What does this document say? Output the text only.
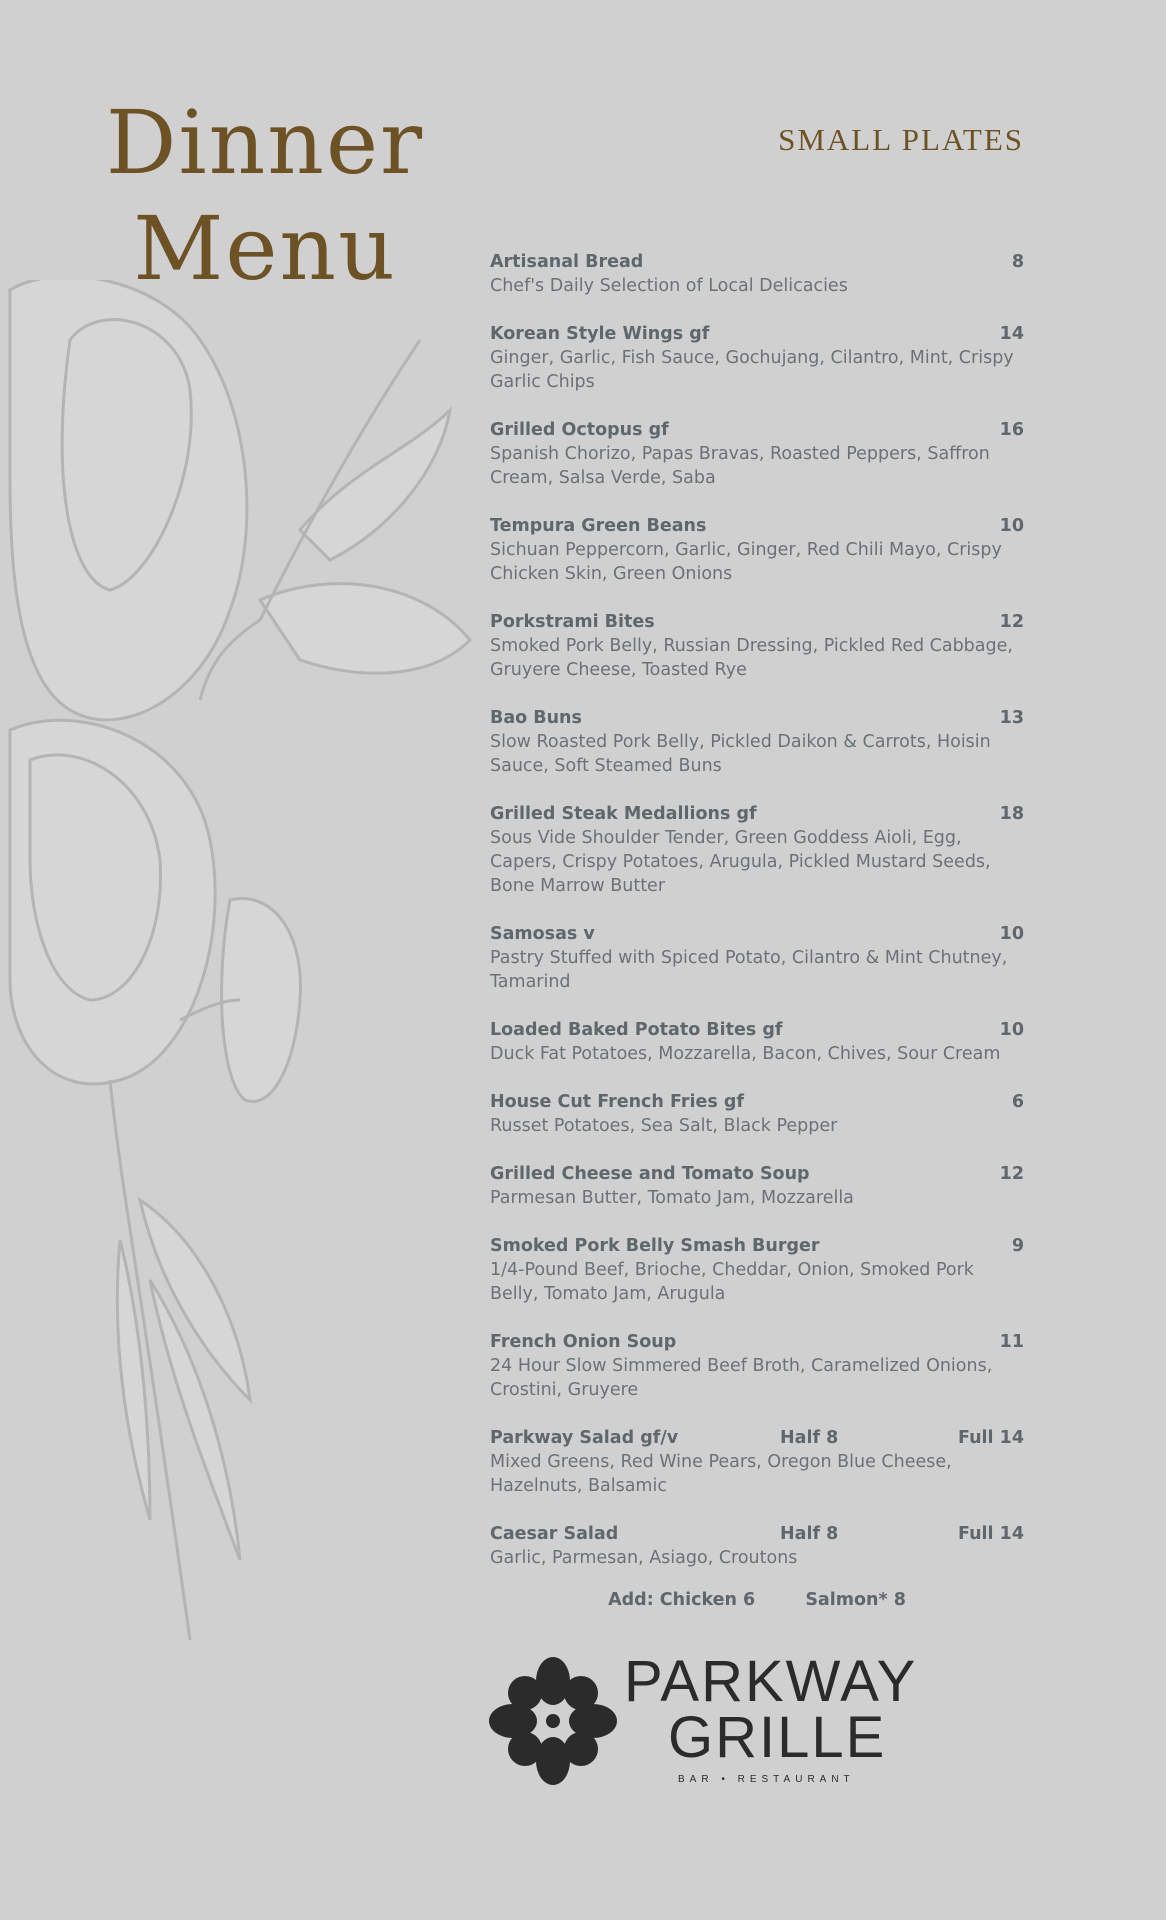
Dinner
Menu
SMALL PLATES
Artisanal Bread	8
Chef's Daily Selection of Local Delicacies
Korean Style Wings gf	14
Ginger, Garlic, Fish Sauce, Gochujang, Cilantro, Mint, Crispy Garlic Chips
Grilled Octopus gf	16
Spanish Chorizo, Papas Bravas, Roasted Peppers, Saffron Cream, Salsa Verde, Saba
Tempura Green Beans	10
Sichuan Peppercorn, Garlic, Ginger, Red Chili Mayo, Crispy Chicken Skin, Green Onions
Porkstrami Bites	12
Smoked Pork Belly, Russian Dressing, Pickled Red Cabbage, Gruyere Cheese, Toasted Rye
Bao Buns	13
Slow Roasted Pork Belly, Pickled Daikon & Carrots, Hoisin Sauce, Soft Steamed Buns
Grilled Steak Medallions gf	18
Sous Vide Shoulder Tender, Green Goddess Aioli, Egg, Capers, Crispy Potatoes, Arugula, Pickled Mustard Seeds, Bone Marrow Butter
Samosas v	10
Pastry Stuffed with Spiced Potato, Cilantro & Mint Chutney, Tamarind
Loaded Baked Potato Bites gf	10
Duck Fat Potatoes, Mozzarella, Bacon, Chives, Sour Cream
House Cut French Fries gf	6
Russet Potatoes, Sea Salt, Black Pepper
Grilled Cheese and Tomato Soup	12
Parmesan Butter, Tomato Jam, Mozzarella
Smoked Pork Belly Smash Burger	9
1/4-Pound Beef, Brioche, Cheddar, Onion, Smoked Pork Belly, Tomato Jam, Arugula
French Onion Soup	11
24 Hour Slow Simmered Beef Broth, Caramelized Onions, Crostini, Gruyere
Parkway Salad gf/v	Half 8	Full 14
Mixed Greens, Red Wine Pears, Oregon Blue Cheese, Hazelnuts, Balsamic
Caesar Salad	Half 8	Full 14
Garlic, Parmesan, Asiago, Croutons
Add: Chicken 6	Salmon* 8
PARKWAY
GRILLE
BAR • RESTAURANT
